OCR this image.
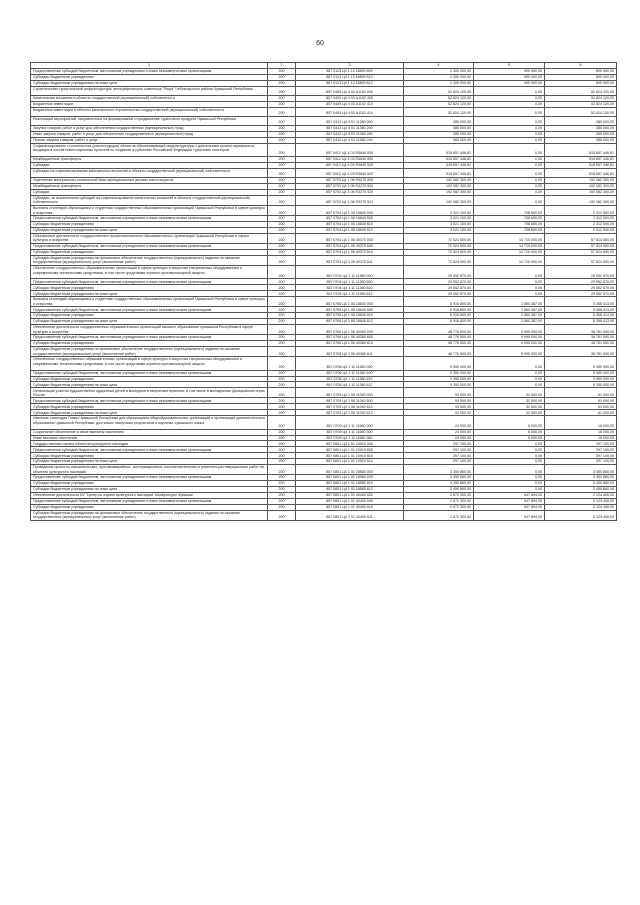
60
1	2	3	4	5	6
Предоставление субсидий бюджетным, автономным учреждениям и иным некоммерческим организациям	200	857 0113 Ц4 1 13 18800 600	1 200 000,00	400 000,00	800 000,00
Субсидии бюджетным учреждениям	200	857 0113 Ц4 1 13 18800 610	1 200 000,00	400 000,00	800 000,00
Субсидии бюджетным учреждениям на иные цели	200	857 0113 Ц4 1 13 18800 612	1 200 000,00	400 000,00	800 000,00
Строительство туристической инфраструктуры этнографического комплекса "Роща" Чебоксарского района Чувашской Республики	200	857 0409 Ц4 4 03 А1102 000	52 824 120,00	0,00	52 824 120,00
Капитальные вложения в объекты государственной (муниципальной) собственности	200	857 0409 Ц4 4 03 А1102 400	52 824 120,00	0,00	52 824 120,00
Бюджетные инвестиции	200	857 0409 Ц4 4 03 А1102 410	52 824 120,00	0,00	52 824 120,00
Бюджетные инвестиции в объекты капитального строительства государственной (муниципальной) собственности	200	857 0409 Ц4 4 03 А1102 414	52 824 120,00	0,00	52 824 120,00
Реализация мероприятий, направленных на формирование и продвижение туристского продукта Чувашской Республики	200	857 0412 Ц4 4 01 11380 000	385 000,00	0,00	385 000,00
Закупка товаров, работ и услуг для обеспечения государственных (муниципальных) нужд	200	857 0412 Ц4 4 01 11380 200	385 000,00	0,00	385 000,00
Иные закупки товаров, работ и услуг для обеспечения государственных (муниципальных) нужд	200	857 0412 Ц4 4 01 11380 240	385 000,00	0,00	385 000,00
Прочая закупка товаров, работ и услуг	200	857 0412 Ц4 4 01 11380 244	385 000,00	0,00	385 000,00
Софинансирование строительства (реконструкции) объектов обеспечивающей инфраструктуры с длительным сроком окупаемости, входящих в состав инвестиционных проектов по созданию в субъектах Российской Федерации туристских кластеров	200	857 0412 Ц4 4 03 R3840 000	515 657 446,81	0,00	515 657 446,81
Межбюджетные трансферты	200	857 0412 Ц4 4 03 R3840 500	515 657 446,81	0,00	515 657 446,81
Субсидии	200	857 0412 Ц4 4 03 R3840 520	515 657 446,81	0,00	515 657 446,81
Субсидии на софинансирование капитальных вложений в объекты государственной (муниципальной) собственности	200	857 0412 Ц4 4 03 R3840 522	515 657 446,81	0,00	515 657 446,81
Укрепление материально-технической базы муниципальных детских школ искусств	200	857 0703 Ц4 1 06 R3270 000	192 082 300,00	0,00	192 082 300,00
Межбюджетные трансферты	200	857 0703 Ц4 1 06 R3270 500	192 082 300,00	0,00	192 082 300,00
Субсидии	200	857 0703 Ц4 1 06 R3270 520	192 082 300,00	0,00	192 082 300,00
Субсидии, за исключением субсидий на софинансирование капитальных вложений в объекты государственной (муниципальной) собственности	200	857 0703 Ц4 1 06 R3270 521	192 082 300,00	0,00	192 082 300,00
Выплаты стипендий обучающимся и студентам государственных образовательных организаций Чувашской Республики в сфере культуры и искусства	200	857 0704 Ц4 1 06 18840 000	3 021 100,00	708 600,00	2 312 500,00
Предоставление субсидий бюджетным, автономным учреждениям и иным некоммерческим организациям	200	857 0704 Ц4 1 06 18840 600	3 021 100,00	708 600,00	2 312 500,00
Субсидии бюджетным учреждениям	200	857 0704 Ц4 1 06 18840 610	3 021 100,00	708 600,00	2 312 500,00
Субсидии бюджетным учреждениям на иные цели	200	857 0704 Ц4 1 06 18840 612	3 021 100,00	708 600,00	2 312 500,00
Обеспечение деятельности государственных профессиональных образовательных организаций Чувашской Республики в сфере культуры и искусства	200	857 0704 Ц4 1 06 40370 000	72 524 500,00	14 710 000,00	57 814 500,00
Предоставление субсидий бюджетным, автономным учреждениям и иным некоммерческим организациям	200	857 0704 Ц4 1 06 40370 600	72 524 500,00	14 710 000,00	57 814 500,00
Субсидии бюджетным учреждениям	200	857 0704 Ц4 1 06 40370 610	72 524 500,00	14 710 000,00	57 814 500,00
Субсидии бюджетным учреждениям на финансовое обеспечение государственного (муниципального) задания на оказание государственных (муниципальных) услуг (выполнение работ)	200	857 0704 Ц4 1 06 40370 611	72 524 500,00	14 710 000,00	57 814 500,00
Обеспечение государственных образовательных организаций в сфере культуры и искусства специальным оборудованием и современными техническими средствами, в том числе средствами охранно-противопожарной защиты	200	857 0704 Ц4 1 11 11380 000	29 552 870,00	0,00	29 552 870,00
Предоставление субсидий бюджетным, автономным учреждениям и иным некоммерческим организациям	200	857 0704 Ц4 1 11 11380 600	29 552 870,00	0,00	29 552 870,00
Субсидии бюджетным учреждениям	200	857 0704 Ц4 1 11 11380 610	29 552 870,00	0,00	29 552 870,00
Субсидии бюджетным учреждениям на иные цели	200	857 0704 Ц4 1 11 11380 612	29 552 870,00	0,00	29 552 870,00
Выплаты стипендий обучающимся и студентам государственных образовательных организаций Чувашской Республики в сфере культуры и искусства	200	857 0706 Ц4 1 06 18840 000	6 916 800,00	1 560 387,00	5 356 413,00
Предоставление субсидий бюджетным, автономным учреждениям и иным некоммерческим организациям	200	857 0706 Ц4 1 06 18840 600	6 916 800,00	1 560 387,00	5 356 413,00
Субсидии бюджетным учреждениям	200	857 0706 Ц4 1 06 18840 610	6 916 800,00	1 560 387,00	5 356 413,00
Субсидии бюджетным учреждениям на иные цели	200	857 0706 Ц4 1 06 18840 612	6 916 800,00	1 560 387,00	5 356 413,00
Обеспечение деятельности государственных образовательных организаций высшего образования Чувашской Республики в сфере культуры и искусства	200	857 0706 Ц4 1 06 40380 000	48 776 500,00	9 995 000,00	38 781 500,00
Предоставление субсидий бюджетным, автономным учреждениям и иным некоммерческим организациям	200	857 0706 Ц4 1 06 40380 600	48 776 500,00	9 995 000,00	38 781 500,00
Субсидии бюджетным учреждениям	200	857 0706 Ц4 1 06 40380 610	48 776 500,00	9 995 000,00	38 781 500,00
Субсидии бюджетным учреждениям на финансовое обеспечение государственного (муниципального) задания на оказание государственных (муниципальных) услуг (выполнение работ)	200	857 0706 Ц4 1 06 40380 611	48 776 500,00	9 995 000,00	38 781 500,00
Обеспечение государственных образовательных организаций в сфере культуры и искусства специальным оборудованием и современными техническими средствами, в том числе средствами охранно-противопожарной защиты	200	857 0706 Ц4 1 11 11380 000	9 350 000,00	0,00	9 350 000,00
Предоставление субсидий бюджетным, автономным учреждениям и иным некоммерческим организациям	200	857 0706 Ц4 1 11 11380 600	9 350 000,00	0,00	9 350 000,00
Субсидии бюджетным учреждениям	200	857 0706 Ц4 1 11 11380 610	9 350 000,00	0,00	9 350 000,00
Субсидии бюджетным учреждениям на иные цели	200	857 0706 Ц4 1 11 11380 612	9 350 000,00	0,00	9 350 000,00
Организация участия художественно одаренных детей и молодежи в творческих проектах, в том числе в молодежных Дельфийских играх России	200	857 0709 Ц4 1 06 11040 000	93 500,00	32 500,00	61 000,00
Предоставление субсидий бюджетным, автономным учреждениям и иным некоммерческим организациям	200	857 0709 Ц4 1 06 11040 600	93 500,00	32 500,00	61 000,00
Субсидии бюджетным учреждениям	200	857 0709 Ц4 1 06 11040 610	93 500,00	32 500,00	61 000,00
Субсидии бюджетным учреждениям на иные цели	200	857 0709 Ц4 1 06 11040 612	93 500,00	32 500,00	61 000,00
Именные стипендии Главы Чувашской Республики для обучающихся общеобразовательных организаций и организаций дополнительного образования Чувашской Республики, достигших наилучших результатов в изучении чувашского языка	200	857 0709 Ц4 1 11 11680 000	24 000,00	6 000,00	18 000,00
Социальное обеспечение и иные выплаты населению	200	857 0709 Ц4 1 11 11680 300	24 000,00	6 000,00	18 000,00
Иные выплаты населению	200	857 0709 Ц4 1 11 11680 360	24 000,00	6 000,00	18 000,00
Государственная охрана объектов культурного наследия	200	857 0801 Ц4 1 01 10910 000	297 100,00	0,00	297 100,00
Предоставление субсидий бюджетным, автономным учреждениям и иным некоммерческим организациям	200	857 0801 Ц4 1 01 10910 600	297 100,00	0,00	297 100,00
Субсидии бюджетным учреждениям	200	857 0801 Ц4 1 01 10910 610	297 100,00	0,00	297 100,00
Субсидии бюджетным учреждениям на иные цели	200	857 0801 Ц4 1 01 10910 612	297 100,00	0,00	297 100,00
Проведение проектно-изыскательских, противоаварийных, консервационных, восстановительных и ремонтно-реставрационных работ на объектах культурного наследия	200	857 0801 Ц4 1 01 18580 000	3 450 860,00	0,00	3 450 860,00
Предоставление субсидий бюджетным, автономным учреждениям и иным некоммерческим организациям	200	857 0801 Ц4 1 01 18580 600	3 450 860,00	0,00	3 450 860,00
Субсидии бюджетным учреждениям	200	857 0801 Ц4 1 01 18580 610	3 450 860,00	0,00	3 450 860,00
Субсидии бюджетным учреждениям на иные цели	200	857 0801 Ц4 1 01 18580 612	3 450 860,00	0,00	3 450 860,00
Обеспечение деятельности БУ "Центр по охране культурного наследия" Минкультуры Чувашии	200	857 0801 Ц4 1 01 40400 000	2 672 300,00	547 894,00	2 124 406,00
Предоставление субсидий бюджетным, автономным учреждениям и иным некоммерческим организациям	200	857 0801 Ц4 1 01 40400 600	2 672 300,00	547 894,00	2 124 406,00
Субсидии бюджетным учреждениям	200	857 0801 Ц4 1 01 40400 610	2 672 300,00	547 894,00	2 124 406,00
Субсидии бюджетным учреждениям на финансовое обеспечение государственного (муниципального) задания на оказание государственных (муниципальных) услуг (выполнение работ)	200	857 0801 Ц4 1 01 40400 611	2 672 300,00	547 894,00	2 124 406,00
